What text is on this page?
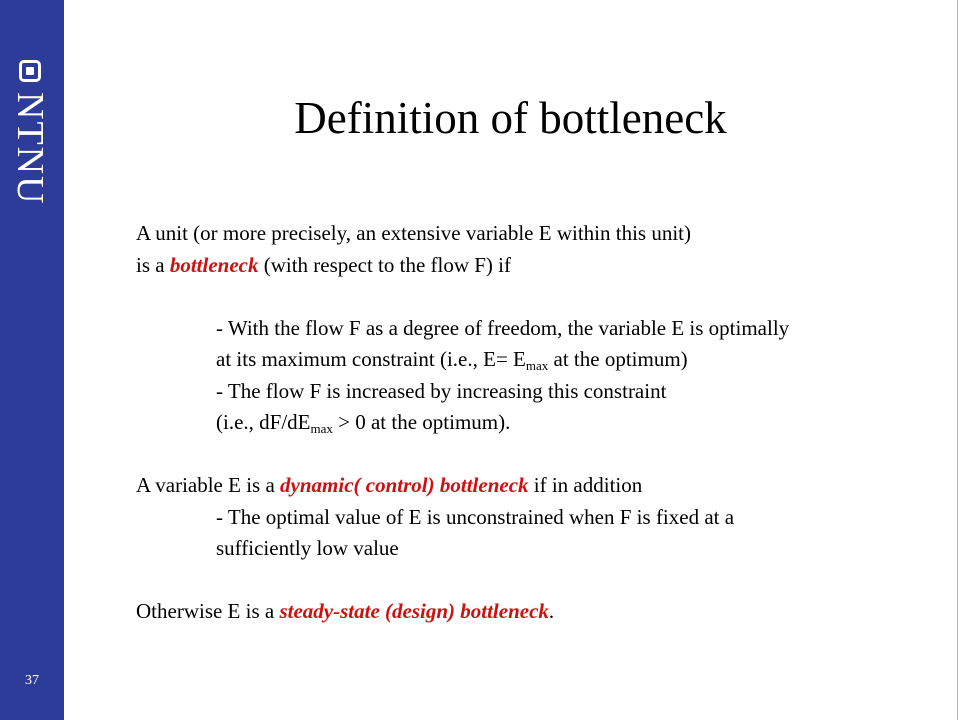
NTNU
37
Definition of bottleneck

A unit (or more precisely, an extensive variable E within this unit)

is a bottleneck (with respect to the flow F) if

- With the flow F as a degree of freedom, the variable E is optimally

at its maximum constraint (i.e., $E= E_{max}$ at the optimum)

- The flow F is increased by increasing this constraint

(i.e., $dF/dE_{max} > 0$ at the optimum).

A variable E is a dynamic( control) bottleneck if in addition

- The optimal value of E is unconstrained when F is fixed at a

sufficiently low value

Otherwise E is a steady-state (design) bottleneck.
